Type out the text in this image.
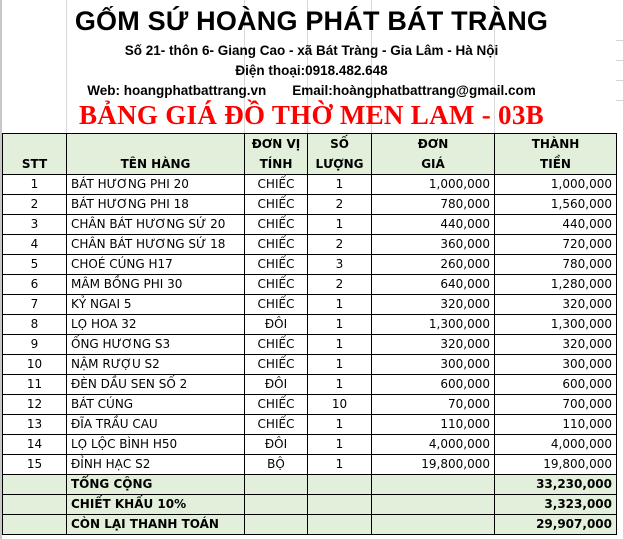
GỐM SỨ HOÀNG PHÁT BÁT TRÀNG
Số 21- thôn 6- Giang Cao - xã Bát Tràng - Gia Lâm - Hà Nội
Điện thoại:0918.482.648
Web: hoangphatbattrang.vn Email:hoàngphatbattrang@gmail.com
BẢNG GIÁ ĐỒ THỜ MEN LAM - 03B
		ĐƠN VỊ	SỐ	ĐƠN	THÀNH
STT	TÊN HÀNG	TÍNH	LƯỢNG	GIÁ	TIỀN
1	BÁT HƯƠNG PHI 20	CHIẾC	1	1,000,000	1,000,000
2	BÁT HƯƠNG PHI 18	CHIẾC	2	780,000	1,560,000
3	CHÂN BÁT HƯƠNG SỨ 20	CHIẾC	1	440,000	440,000
4	CHÂN BÁT HƯƠNG SỨ 18	CHIẾC	2	360,000	720,000
5	CHOÉ CÚNG H17	CHIẾC	3	260,000	780,000
6	MÂM BỒNG PHI 30	CHIẾC	2	640,000	1,280,000
7	KỶ NGAI 5	CHIẾC	1	320,000	320,000
8	LỌ HOA 32	ĐÔI	1	1,300,000	1,300,000
9	ỐNG HƯƠNG S3	CHIẾC	1	320,000	320,000
10	NẬM RƯỢU S2	CHIẾC	1	300,000	300,000
11	ĐÈN DẦU SEN SỐ 2	ĐÔI	1	600,000	600,000
12	BÁT CÚNG	CHIẾC	10	70,000	700,000
13	ĐĨA TRẦU CAU	CHIẾC	1	110,000	110,000
14	LỌ LỘC BÌNH H50	ĐÔI	1	4,000,000	4,000,000
15	ĐỈNH HẠC S2	BỘ	1	19,800,000	19,800,000
	TỔNG CỘNG				33,230,000
	CHIẾT KHẤU 10%				3,323,000
	CÒN LẠI THANH TOÁN				29,907,000
